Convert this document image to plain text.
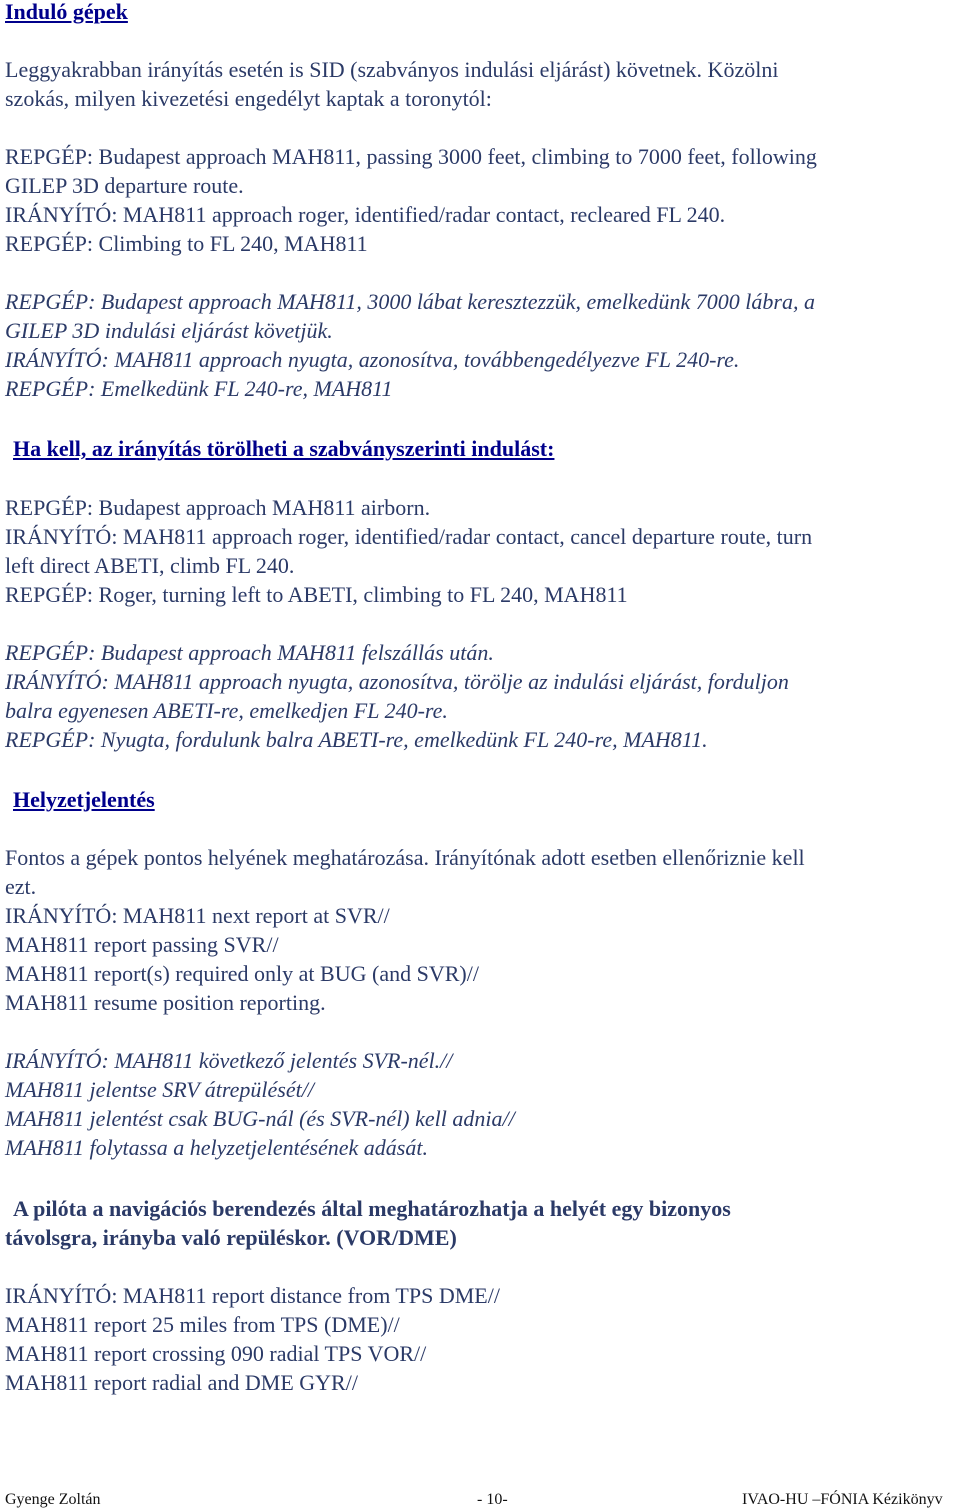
Induló gépek

Leggyakrabban irányítás esetén is SID (szabványos indulási eljárást) követnek. Közölni

szokás, milyen kivezetési engedélyt kaptak a toronytól:

REPGÉP: Budapest approach MAH811, passing 3000 feet, climbing to 7000 feet, following

GILEP 3D departure route.

IRÁNYÍTÓ: MAH811 approach roger, identified/radar contact, recleared FL 240.

REPGÉP: Climbing to FL 240, MAH811

REPGÉP: Budapest approach MAH811, 3000 lábat keresztezzük, emelkedünk 7000 lábra, a

GILEP 3D indulási eljárást követjük.

IRÁNYÍTÓ: MAH811 approach nyugta, azonosítva, továbbengedélyezve FL 240-re.

REPGÉP: Emelkedünk FL 240-re, MAH811

Ha kell, az irányítás törölheti a szabványszerinti indulást:

REPGÉP: Budapest approach MAH811 airborn.

IRÁNYÍTÓ: MAH811 approach roger, identified/radar contact, cancel departure route, turn

left direct ABETI, climb FL 240.

REPGÉP: Roger, turning left to ABETI, climbing to FL 240, MAH811

REPGÉP: Budapest approach MAH811 felszállás után.

IRÁNYÍTÓ: MAH811 approach nyugta, azonosítva, törölje az indulási eljárást, forduljon

balra egyenesen ABETI-re, emelkedjen FL 240-re.

REPGÉP: Nyugta, fordulunk balra ABETI-re, emelkedünk FL 240-re, MAH811.

Helyzetjelentés

Fontos a gépek pontos helyének meghatározása. Irányítónak adott esetben ellenőriznie kell

ezt.

IRÁNYÍTÓ: MAH811 next report at SVR//

MAH811 report passing SVR//

MAH811 report(s) required only at BUG (and SVR)//

MAH811 resume position reporting.

IRÁNYÍTÓ: MAH811 következő jelentés SVR-nél.//

MAH811 jelentse SRV átrepülését//

MAH811 jelentést csak BUG-nál (és SVR-nél) kell adnia//

MAH811 folytassa a helyzetjelentésének adását.

A pilóta a navigációs berendezés által meghatározhatja a helyét egy bizonyos

távolsgra, irányba való repüléskor. (VOR/DME)

IRÁNYÍTÓ: MAH811 report distance from TPS DME//

MAH811 report 25 miles from TPS (DME)//

MAH811 report crossing 090 radial TPS VOR//

MAH811 report radial and DME GYR//

Gyenge Zoltán	- 10-	IVAO-HU –FÓNIA Kézikönyv
